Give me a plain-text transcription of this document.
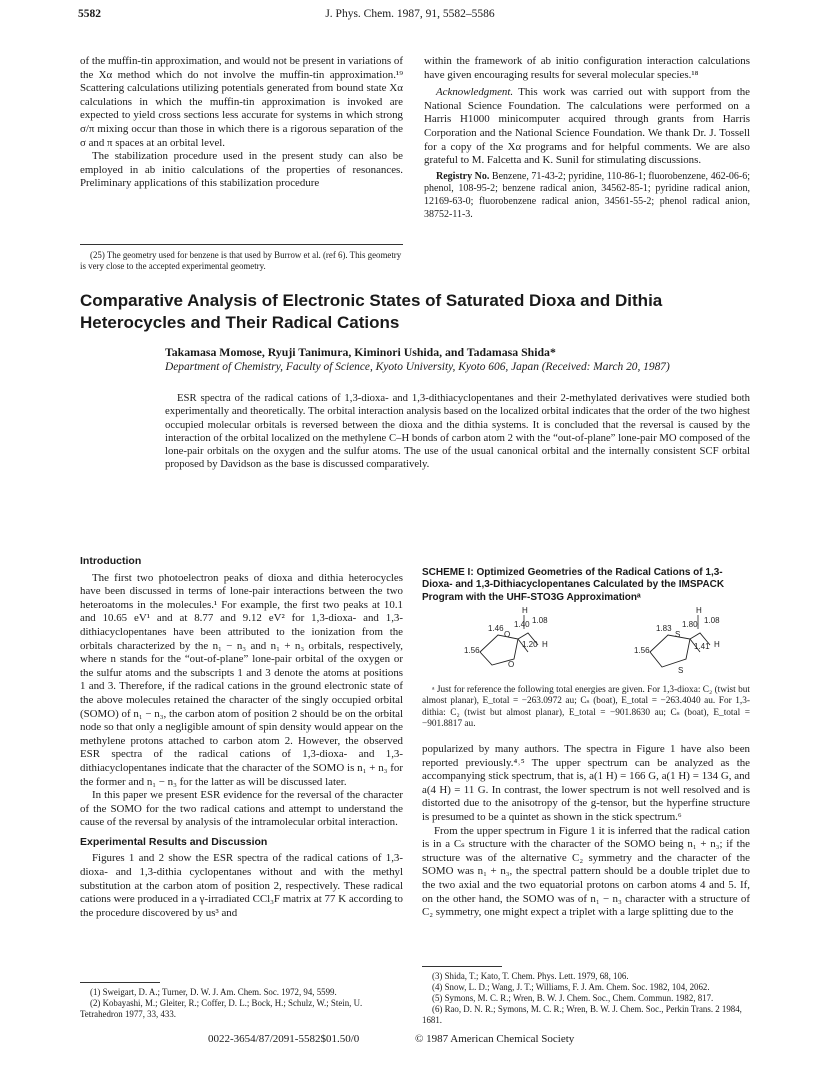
J. Phys. Chem. 1987, 91, 5582–5586
5582

of the muffin-tin approximation, and would not be present in variations of the Xα method which do not involve the muffin-tin approximation.¹⁹ Scattering calculations utilizing potentials generated from bound state Xα calculations in which the muffin-tin approximation is invoked are expected to yield cross sections less accurate for systems in which strong σ/π mixing occur than those in which there is a rigorous separation of the σ and π spaces at an orbital level.

The stabilization procedure used in the present study can also be employed in ab initio calculations of the properties of resonances. Preliminary applications of this stabilization procedure

(25) The geometry used for benzene is that used by Burrow et al. (ref 6). This geometry is very close to the accepted experimental geometry.

within the framework of ab initio configuration interaction calculations have given encouraging results for several molecular species.¹⁸

Acknowledgment. This work was carried out with support from the National Science Foundation. The calculations were performed on a Harris H1000 minicomputer acquired through grants from Harris Corporation and the National Science Foundation. We thank Dr. J. Tossell for a copy of the Xα programs and for helpful comments. We are also grateful to M. Falcetta and K. Sunil for stimulating discussions.

Registry No. Benzene, 71-43-2; pyridine, 110-86-1; fluorobenzene, 462-06-6; phenol, 108-95-2; benzene radical anion, 34562-85-1; pyridine radical anion, 12169-63-0; fluorobenzene radical anion, 34561-55-2; phenol radical anion, 38752-11-3.

Comparative Analysis of Electronic States of Saturated Dioxa and Dithia Heterocycles and Their Radical Cations
Takamasa Momose, Ryuji Tanimura, Kiminori Ushida, and Tadamasa Shida*
Department of Chemistry, Faculty of Science, Kyoto University, Kyoto 606, Japan (Received: March 20, 1987)

ESR spectra of the radical cations of 1,3-dioxa- and 1,3-dithiacyclopentanes and their 2-methylated derivatives were studied both experimentally and theoretically. The orbital interaction analysis based on the localized orbital indicates that the order of the two highest occupied molecular orbitals is reversed between the dioxa and the dithia systems. It is concluded that the reversal is caused by the interaction of the orbital localized on the methylene C–H bonds of carbon atom 2 with the “out-of-plane” lone-pair MO composed of the lone-pair orbitals on the oxygen and the sulfur atoms. The use of the usual canonical orbital and the internally consistent SCF orbital proposed by Davidson as the base is discussed comparatively.

Introduction

The first two photoelectron peaks of dioxa and dithia heterocycles have been discussed in terms of lone-pair interactions between the two heteroatoms in the molecules.¹ For example, the first two peaks at 10.1 and 10.65 eV¹ and at 8.77 and 9.12 eV² for 1,3-dioxa- and 1,3-dithiacyclopentanes have been attributed to the ionization from the orbitals characterized by the n₁ − n₃ and n₁ + n₃ orbitals, respectively, where n stands for the “out-of-plane” lone-pair orbital of the oxygen or the sulfur atoms and the subscripts 1 and 3 denote the atoms at positions 1 and 3. Therefore, if the radical cations in the ground electronic state of the above molecules retained the character of the singly occupied orbital (SOMO) of n₁ − n₃, the carbon atom of position 2 should be on the orbital node so that only a negligible amount of spin density would appear on the methylene protons attached to carbon atom 2. However, the observed ESR spectra of the radical cations of 1,3-dioxa- and 1,3-dithiacyclopentanes indicate that the character of the SOMO is n₁ + n₃ for the former and n₁ − n₃ for the latter as will be discussed later.

In this paper we present ESR evidence for the reversal of the character of the SOMO for the two radical cations and attempt to understand the cause of the reversal by analysis of the intramolecular orbital interaction.

Experimental Results and Discussion

Figures 1 and 2 show the ESR spectra of the radical cations of 1,3-dioxa- and 1,3-dithia cyclopentanes without and with the methyl substitution at the carbon atom of position 2, respectively. These radical cations were produced in a γ-irradiated CCl₃F matrix at 77 K according to the procedure discovered by us³ and

(1) Sweigart, D. A.; Turner, D. W. J. Am. Chem. Soc. 1972, 94, 5599.

(2) Kobayashi, M.; Gleiter, R.; Coffer, D. L.; Bock, H.; Schulz, W.; Stein, U. Tetrahedron 1977, 33, 433.

SCHEME I: Optimized Geometries of the Radical Cations of 1,3-Dioxa- and 1,3-Dithiacyclopentanes Calculated by the IMSPACK Program with the UHF-STO3G Approximationᵃ
H
H
1.46 1.40 1.08
1.56
1.20
O
O
H
H
1.83 1.80 1.08
1.56	1.41
S
S

ᵃ Just for reference the following total energies are given. For 1,3-dioxa: C₂ (twist but almost planar), E_total = −263.0972 au; Cₛ (boat), E_total = −263.4040 au. For 1,3-dithia: C₂ (twist but almost planar), E_total = −901.8630 au; Cₛ (boat), E_total = −901.8817 au.

popularized by many authors. The spectra in Figure 1 have also been reported previously.⁴˒⁵ The upper spectrum can be analyzed as the accompanying stick spectrum, that is, a(1 H) = 166 G, a(1 H) = 134 G, and a(4 H) = 11 G. In contrast, the lower spectrum is not well resolved and is distorted due to the anisotropy of the g-tensor, but the hyperfine structure is presumed to be a quintet as shown in the stick spectrum.⁶

From the upper spectrum in Figure 1 it is inferred that the radical cation is in a Cₛ structure with the character of the SOMO being n₁ + n₃; if the structure was of the alternative C₂ symmetry and the character of the SOMO was n₁ + n₃, the spectral pattern should be a double triplet due to the two axial and the two equatorial protons on carbon atoms 4 and 5. If, on the other hand, the SOMO was of n₁ − n₃ character with a structure of C₂ symmetry, one might expect a triplet with a large splitting due to the

(3) Shida, T.; Kato, T. Chem. Phys. Lett. 1979, 68, 106.

(4) Snow, L. D.; Wang, J. T.; Williams, F. J. Am. Chem. Soc. 1982, 104, 2062.

(5) Symons, M. C. R.; Wren, B. W. J. Chem. Soc., Chem. Commun. 1982, 817.

(6) Rao, D. N. R.; Symons, M. C. R.; Wren, B. W. J. Chem. Soc., Perkin Trans. 2 1984, 1681.

0022-3654/87/2091-5582$01.50/0	© 1987 American Chemical Society
